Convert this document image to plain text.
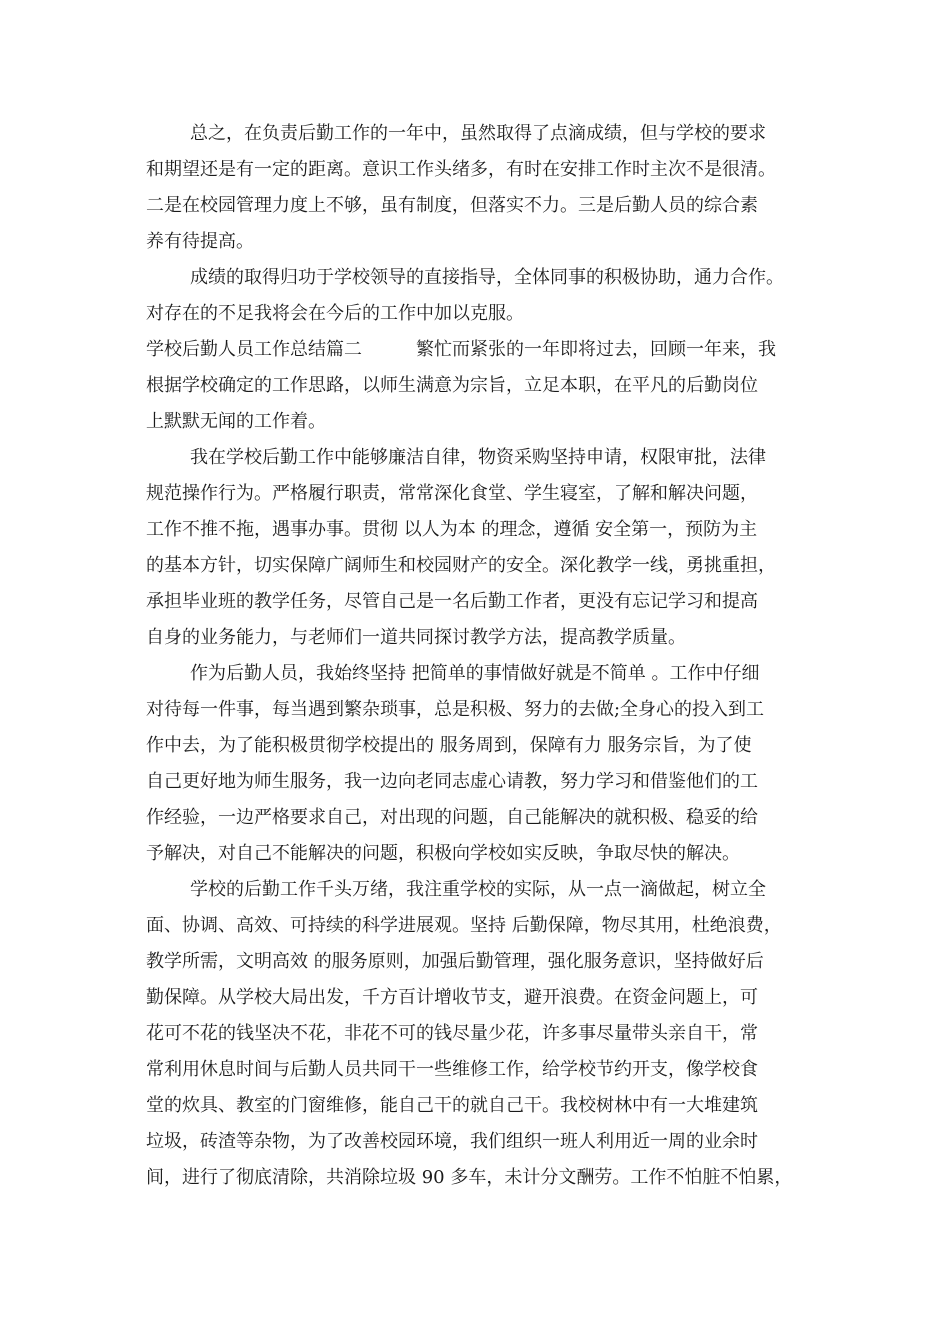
总之，在负责后勤工作的一年中，虽然取得了点滴成绩，但与学校的要求
和期望还是有一定的距离。意识工作头绪多，有时在安排工作时主次不是很清。
二是在校园管理力度上不够，虽有制度，但落实不力。三是后勤人员的综合素
养有待提高。
成绩的取得归功于学校领导的直接指导，全体同事的积极协助，通力合作。
对存在的不足我将会在今后的工作中加以克服。
学校后勤人员工作总结篇二　　　繁忙而紧张的一年即将过去，回顾一年来，我
根据学校确定的工作思路，以师生满意为宗旨，立足本职，在平凡的后勤岗位
上默默无闻的工作着。
我在学校后勤工作中能够廉洁自律，物资采购坚持申请，权限审批，法律
规范操作行为。严格履行职责，常常深化食堂、学生寝室，了解和解决问题，
工作不推不拖，遇事办事。贯彻 以人为本 的理念，遵循 安全第一，预防为主
的基本方针，切实保障广阔师生和校园财产的安全。深化教学一线，勇挑重担，
承担毕业班的教学任务，尽管自己是一名后勤工作者，更没有忘记学习和提高
自身的业务能力，与老师们一道共同探讨教学方法，提高教学质量。
作为后勤人员，我始终坚持 把简单的事情做好就是不简单 。工作中仔细
对待每一件事，每当遇到繁杂琐事，总是积极、努力的去做;全身心的投入到工
作中去，为了能积极贯彻学校提出的 服务周到，保障有力 服务宗旨，为了使
自己更好地为师生服务，我一边向老同志虚心请教，努力学习和借鉴他们的工
作经验，一边严格要求自己，对出现的问题，自己能解决的就积极、稳妥的给
予解决，对自己不能解决的问题，积极向学校如实反映，争取尽快的解决。
学校的后勤工作千头万绪，我注重学校的实际，从一点一滴做起，树立全
面、协调、高效、可持续的科学进展观。坚持 后勤保障，物尽其用，杜绝浪费，
教学所需，文明高效 的服务原则，加强后勤管理，强化服务意识，坚持做好后
勤保障。从学校大局出发，千方百计增收节支，避开浪费。在资金问题上，可
花可不花的钱坚决不花，非花不可的钱尽量少花，许多事尽量带头亲自干，常
常利用休息时间与后勤人员共同干一些维修工作，给学校节约开支，像学校食
堂的炊具、教室的门窗维修，能自己干的就自己干。我校树林中有一大堆建筑
垃圾，砖渣等杂物，为了改善校园环境，我们组织一班人利用近一周的业余时
间，进行了彻底清除，共消除垃圾 90 多车，未计分文酬劳。工作不怕脏不怕累，
